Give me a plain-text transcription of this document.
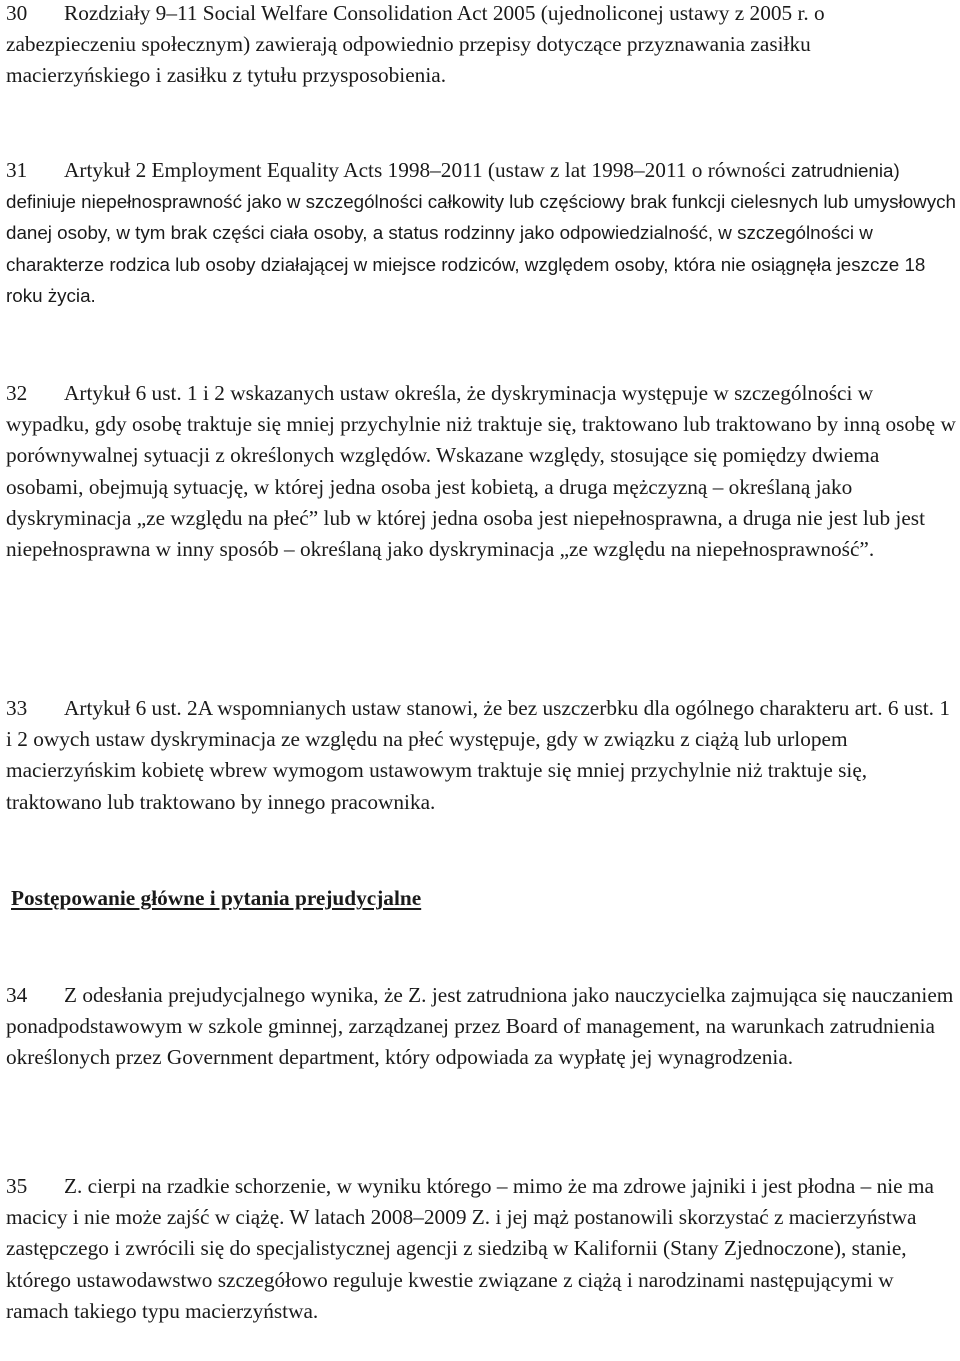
30 Rozdziały 9–11 Social Welfare Consolidation Act 2005 (ujednoliconej ustawy z 2005 r. o zabezpieczeniu społecznym) zawierają odpowiednio przepisy dotyczące przyznawania zasiłku macierzyńskiego i zasiłku z tytułu przysposobienia.

31 Artykuł 2 Employment Equality Acts 1998–2011 (ustaw z lat 1998–2011 o równości zatrudnienia) definiuje niepełnosprawność jako w szczególności całkowity lub częściowy brak funkcji cielesnych lub umysłowych danej osoby, w tym brak części ciała osoby, a status rodzinny jako odpowiedzialność, w szczególności w charakterze rodzica lub osoby działającej w miejsce rodziców, względem osoby, która nie osiągnęła jeszcze 18 roku życia.

32 Artykuł 6 ust. 1 i 2 wskazanych ustaw określa, że dyskryminacja występuje w szczególności w wypadku, gdy osobę traktuje się mniej przychylnie niż traktuje się, traktowano lub traktowano by inną osobę w porównywalnej sytuacji z określonych względów. Wskazane względy, stosujące się pomiędzy dwiema osobami, obejmują sytuację, w której jedna osoba jest kobietą, a druga mężczyzną – określaną jako dyskryminacja „ze względu na płeć” lub w której jedna osoba jest niepełnosprawna, a druga nie jest lub jest niepełnosprawna w inny sposób – określaną jako dyskryminacja „ze względu na niepełnosprawność”.

33 Artykuł 6 ust. 2A wspomnianych ustaw stanowi, że bez uszczerbku dla ogólnego charakteru art. 6 ust. 1 i 2 owych ustaw dyskryminacja ze względu na płeć występuje, gdy w związku z ciążą lub urlopem macierzyńskim kobietę wbrew wymogom ustawowym traktuje się mniej przychylnie niż traktuje się, traktowano lub traktowano by innego pracownika.

Postępowanie główne i pytania prejudycjalne

34 Z odesłania prejudycjalnego wynika, że Z. jest zatrudniona jako nauczycielka zajmująca się nauczaniem ponadpodstawowym w szkole gminnej, zarządzanej przez Board of management, na warunkach zatrudnienia określonych przez Government department, który odpowiada za wypłatę jej wynagrodzenia.

35 Z. cierpi na rzadkie schorzenie, w wyniku którego – mimo że ma zdrowe jajniki i jest płodna – nie ma macicy i nie może zajść w ciążę. W latach 2008–2009 Z. i jej mąż postanowili skorzystać z macierzyństwa zastępczego i zwrócili się do specjalistycznej agencji z siedzibą w Kalifornii (Stany Zjednoczone), stanie, którego ustawodawstwo szczegółowo reguluje kwestie związane z ciążą i narodzinami następującymi w ramach takiego typu macierzyństwa.
